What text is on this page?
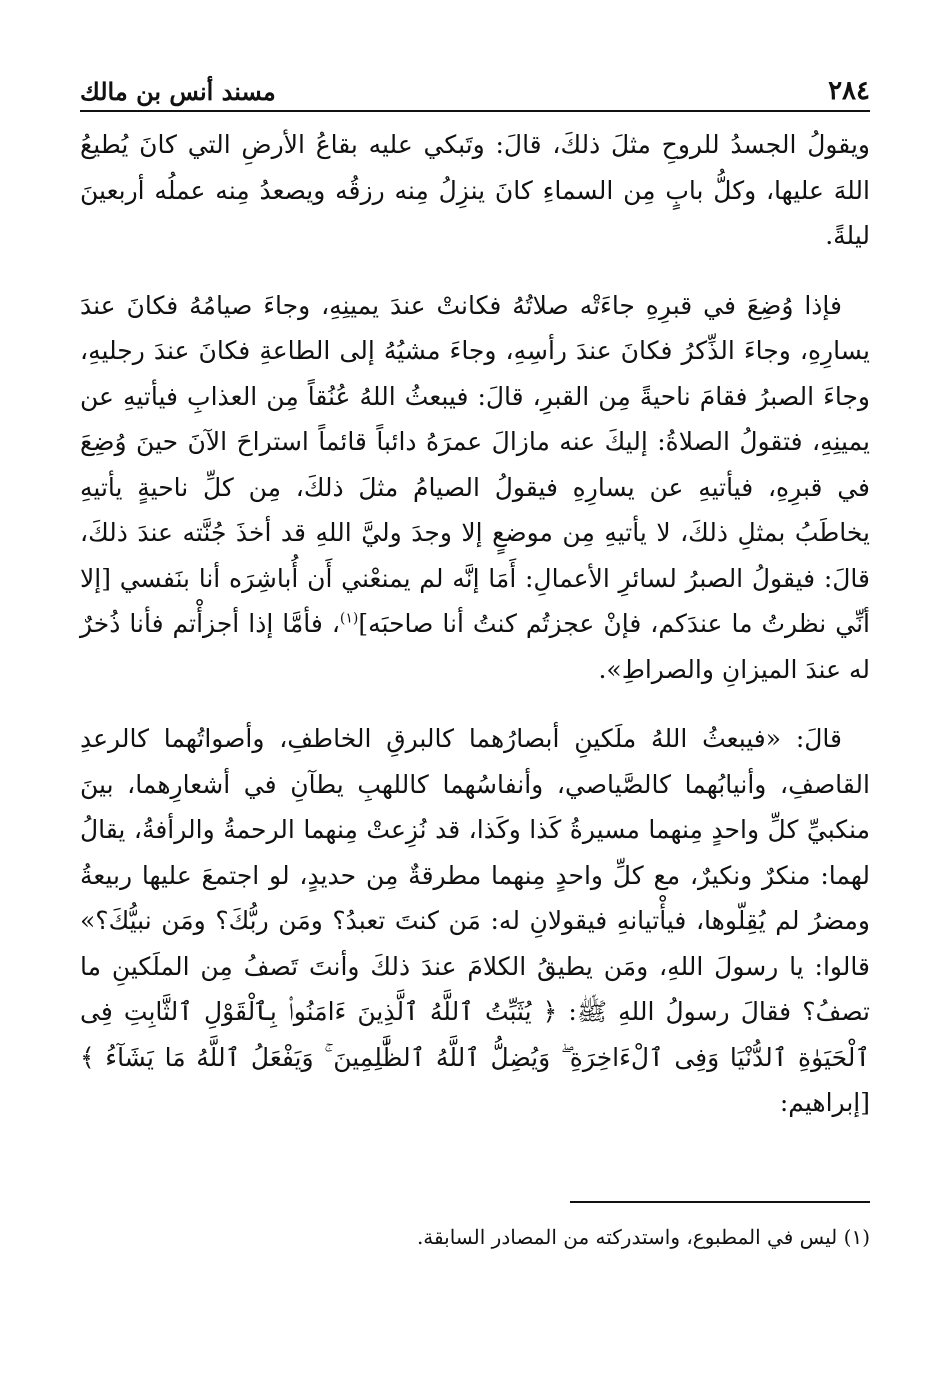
مسند أنس بن مالك	٢٨٤

ويقولُ الجسدُ للروحِ مثلَ ذلكَ، قالَ: وتَبكي عليه بقاعُ الأرضِ التي كانَ يُطيعُ اللهَ عليها، وكلُّ بابٍ مِن السماءِ كانَ ينزِلُ مِنه رزقُه ويصعدُ مِنه عملُه أربعينَ ليلةً.

فإذا وُضِعَ في قبرِهِ جاءَتْه صلاتُهُ فكانتْ عندَ يمينِهِ، وجاءَ صيامُهُ فكانَ عندَ يسارِهِ، وجاءَ الذِّكرُ فكانَ عندَ رأسِهِ، وجاءَ مشيُهُ إلى الطاعةِ فكانَ عندَ رجليهِ، وجاءَ الصبرُ فقامَ ناحيةً مِن القبرِ، قالَ: فيبعثُ اللهُ عُنُقاً مِن العذابِ فيأتيهِ عن يمينِهِ، فتقولُ الصلاةُ: إليكَ عنه مازالَ عمرَهُ دائباً قائماً استراحَ الآنَ حينَ وُضِعَ في قبرِهِ، فيأتيهِ عن يسارِهِ فيقولُ الصيامُ مثلَ ذلكَ، مِن كلِّ ناحيةٍ يأتيهِ يخاطَبُ بمثلِ ذلكَ، لا يأتيهِ مِن موضعٍ إلا وجدَ وليَّ اللهِ قد أخذَ جُنَّته عندَ ذلكَ، قالَ: فيقولُ الصبرُ لسائرِ الأعمالِ: أَمَا إنَّه لم يمنعْني أَن أُباشِرَه أنا بنَفسي [إلا أنِّي نظرتُ ما عندَكم، فإنْ عجزتُم كنتُ أنا صاحبَه]$^{(١)}$، فأمَّا إذا أجزأْتم فأنا ذُخرٌ له عندَ الميزانِ والصراطِ».

قالَ: «فيبعثُ اللهُ ملَكينِ أبصارُهما كالبرقِ الخاطفِ، وأصواتُهما كالرعدِ القاصفِ، وأنيابُهما كالصَّياصي، وأنفاسُهما كاللهبِ يطآنِ في أشعارِهما، بينَ منكبيِّ كلِّ واحدٍ مِنهما مسيرةُ كَذا وكَذا، قد نُزِعتْ مِنهما الرحمةُ والرأفةُ، يقالُ لهما: منكرٌ ونكيرٌ، مع كلِّ واحدٍ مِنهما مطرقةٌ مِن حديدٍ، لو اجتمعَ عليها ربيعةُ ومضرُ لم يُقِلّوها، فيأْتيانهِ فيقولانِ له: مَن كنتَ تعبدُ؟ ومَن ربُّكَ؟ ومَن نبيُّكَ؟» قالوا: يا رسولَ اللهِ، ومَن يطيقُ الكلامَ عندَ ذلكَ وأنتَ تَصفُ مِن الملَكينِ ما تصفُ؟ فقالَ رسولُ اللهِ ﷺ: ﴿ يُثَبِّتُ ٱللَّهُ ٱلَّذِينَ ءَامَنُوا۟ بِٱلْقَوْلِ ٱلثَّابِتِ فِى ٱلْحَيَوٰةِ ٱلدُّنْيَا وَفِى ٱلْءَاخِرَةِ ۖ وَيُضِلُّ ٱللَّهُ ٱلظَّٰلِمِينَ ۚ وَيَفْعَلُ ٱللَّهُ مَا يَشَآءُ ﴾ [إبراهيم:

(١) ليس في المطبوع، واستدركته من المصادر السابقة.
